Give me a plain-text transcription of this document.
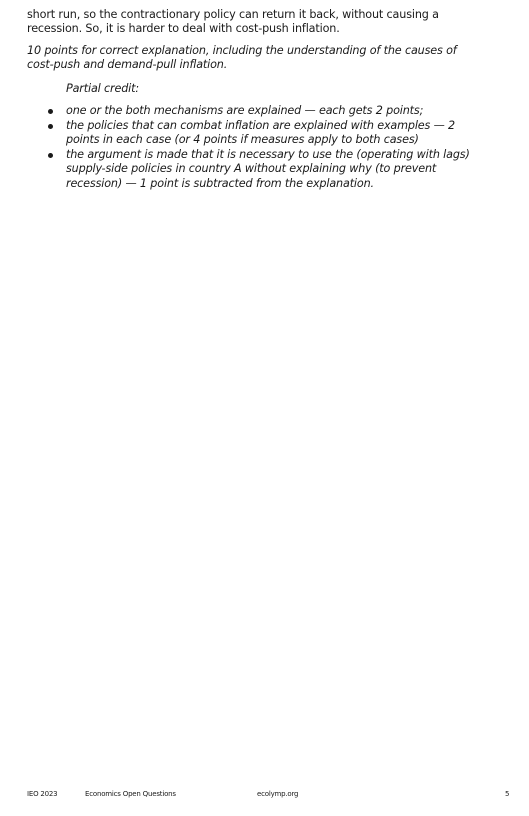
short run, so the contractionary policy can return it back, without causing a
recession. So, it is harder to deal with cost-push inflation.
10 points for correct explanation, including the understanding of the causes of
cost-push and demand-pull inflation.
Partial credit:
one or the both mechanisms are explained — each gets 2 points;
the policies that can combat inflation are explained with examples — 2
points in each case (or 4 points if measures apply to both cases)
the argument is made that it is necessary to use the (operating with lags)
supply-side policies in country A without explaining why (to prevent
recession) — 1 point is subtracted from the explanation.
IEO 2023	Economics Open Questions	ecolymp.org	5
